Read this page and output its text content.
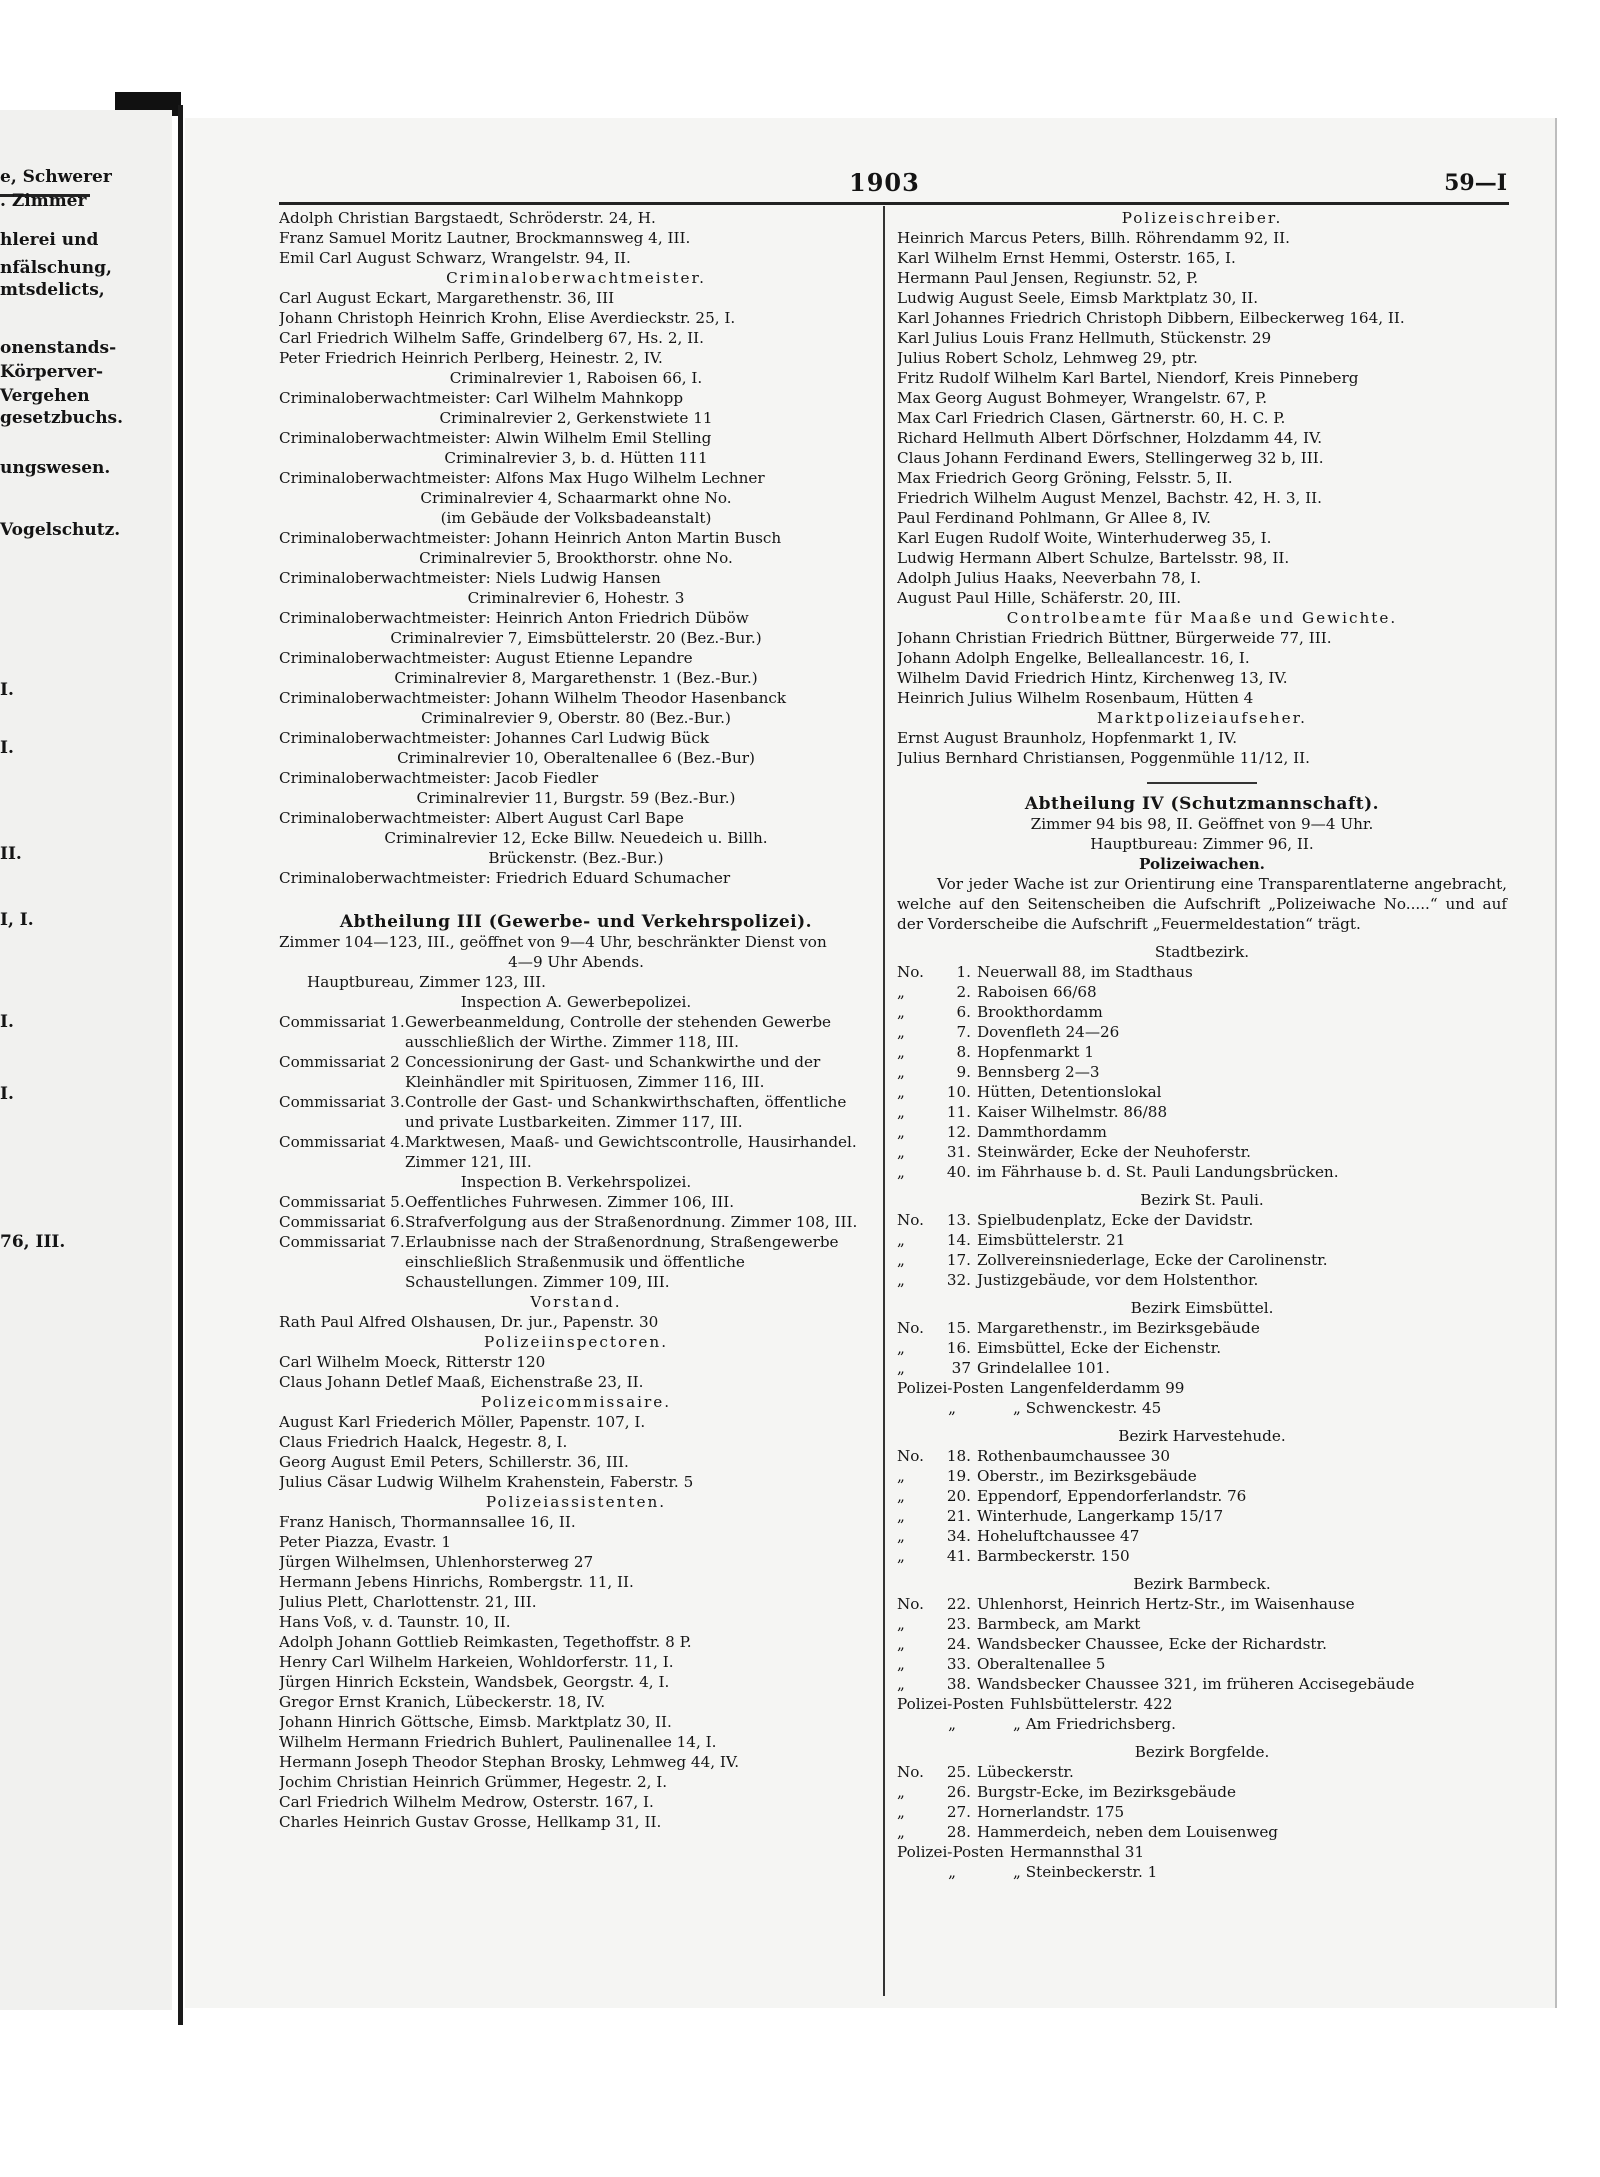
e, Schwerer
. Zimmer
hlerei und
nfälschung,
mtsdelicts,
onenstands-
Körperver-
Vergehen
gesetzbuchs.
ungswesen.
Vogelschutz.
I.
I.
II.
I, I.
I.
I.
76, III.
1903	59—I
Adolph Christian Bargstaedt, Schröderstr. 24, H.
Franz Samuel Moritz Lautner, Brockmannsweg 4, III.
Emil Carl August Schwarz, Wrangelstr. 94, II.
Criminaloberwachtmeister.
Carl August Eckart, Margarethenstr. 36, III
Johann Christoph Heinrich Krohn, Elise Averdieckstr. 25, I.
Carl Friedrich Wilhelm Saffe, Grindelberg 67, Hs. 2, II.
Peter Friedrich Heinrich Perlberg, Heinestr. 2, IV.
Criminalrevier 1, Raboisen 66, I.
Criminaloberwachtmeister: Carl Wilhelm Mahnkopp
Criminalrevier 2, Gerkenstwiete 11
Criminaloberwachtmeister: Alwin Wilhelm Emil Stelling
Criminalrevier 3, b. d. Hütten 111
Criminaloberwachtmeister: Alfons Max Hugo Wilhelm Lechner
Criminalrevier 4, Schaarmarkt ohne No.
(im Gebäude der Volksbadeanstalt)
Criminaloberwachtmeister: Johann Heinrich Anton Martin Busch
Criminalrevier 5, Brookthorstr. ohne No.
Criminaloberwachtmeister: Niels Ludwig Hansen
Criminalrevier 6, Hohestr. 3
Criminaloberwachtmeister: Heinrich Anton Friedrich Düböw
Criminalrevier 7, Eimsbüttelerstr. 20 (Bez.-Bur.)
Criminaloberwachtmeister: August Etienne Lepandre
Criminalrevier 8, Margarethenstr. 1 (Bez.-Bur.)
Criminaloberwachtmeister: Johann Wilhelm Theodor Hasenbanck
Criminalrevier 9, Oberstr. 80 (Bez.-Bur.)
Criminaloberwachtmeister: Johannes Carl Ludwig Bück
Criminalrevier 10, Oberaltenallee 6 (Bez.-Bur)
Criminaloberwachtmeister: Jacob Fiedler
Criminalrevier 11, Burgstr. 59 (Bez.-Bur.)
Criminaloberwachtmeister: Albert August Carl Bape
Criminalrevier 12, Ecke Billw. Neuedeich u. Billh.
Brückenstr. (Bez.-Bur.)
Criminaloberwachtmeister: Friedrich Eduard Schumacher
Abtheilung III (Gewerbe- und Verkehrspolizei).
Zimmer 104—123, III., geöffnet von 9—4 Uhr, beschränkter Dienst von
4—9 Uhr Abends.
Hauptbureau, Zimmer 123, III.
Inspection A. Gewerbepolizei.
Commissariat 1. Gewerbeanmeldung, Controlle der stehenden Gewerbe ausschließlich der Wirthe. Zimmer 118, III.
Commissariat 2 Concessionirung der Gast- und Schankwirthe und der Kleinhändler mit Spirituosen, Zimmer 116, III.
Commissariat 3. Controlle der Gast- und Schankwirthschaften, öffentliche und private Lustbarkeiten. Zimmer 117, III.
Commissariat 4. Marktwesen, Maaß- und Gewichtscontrolle, Hausirhandel. Zimmer 121, III.
Inspection B. Verkehrspolizei.
Commissariat 5. Oeffentliches Fuhrwesen. Zimmer 106, III.
Commissariat 6. Strafverfolgung aus der Straßenordnung. Zimmer 108, III.
Commissariat 7. Erlaubnisse nach der Straßenordnung, Straßengewerbe einschließlich Straßenmusik und öffentliche Schaustellungen. Zimmer 109, III.
Vorstand.
Rath Paul Alfred Olshausen, Dr. jur., Papenstr. 30
Polizeiinspectoren.
Carl Wilhelm Moeck, Ritterstr 120
Claus Johann Detlef Maaß, Eichenstraße 23, II.
Polizeicommissaire.
August Karl Friederich Möller, Papenstr. 107, I.
Claus Friedrich Haalck, Hegestr. 8, I.
Georg August Emil Peters, Schillerstr. 36, III.
Julius Cäsar Ludwig Wilhelm Krahenstein, Faberstr. 5
Polizeiassistenten.
Franz Hanisch, Thormannsallee 16, II.
Peter Piazza, Evastr. 1
Jürgen Wilhelmsen, Uhlenhorsterweg 27
Hermann Jebens Hinrichs, Rombergstr. 11, II.
Julius Plett, Charlottenstr. 21, III.
Hans Voß, v. d. Taunstr. 10, II.
Adolph Johann Gottlieb Reimkasten, Tegethoffstr. 8 P.
Henry Carl Wilhelm Harkeien, Wohldorferstr. 11, I.
Jürgen Hinrich Eckstein, Wandsbek, Georgstr. 4, I.
Gregor Ernst Kranich, Lübeckerstr. 18, IV.
Johann Hinrich Göttsche, Eimsb. Marktplatz 30, II.
Wilhelm Hermann Friedrich Buhlert, Paulinenallee 14, I.
Hermann Joseph Theodor Stephan Brosky, Lehmweg 44, IV.
Jochim Christian Heinrich Grümmer, Hegestr. 2, I.
Carl Friedrich Wilhelm Medrow, Osterstr. 167, I.
Charles Heinrich Gustav Grosse, Hellkamp 31, II.
Polizeischreiber.
Heinrich Marcus Peters, Billh. Röhrendamm 92, II.
Karl Wilhelm Ernst Hemmi, Osterstr. 165, I.
Hermann Paul Jensen, Regiunstr. 52, P.
Ludwig August Seele, Eimsb Marktplatz 30, II.
Karl Johannes Friedrich Christoph Dibbern, Eilbeckerweg 164, II.
Karl Julius Louis Franz Hellmuth, Stückenstr. 29
Julius Robert Scholz, Lehmweg 29, ptr.
Fritz Rudolf Wilhelm Karl Bartel, Niendorf, Kreis Pinneberg
Max Georg August Bohmeyer, Wrangelstr. 67, P.
Max Carl Friedrich Clasen, Gärtnerstr. 60, H. C. P.
Richard Hellmuth Albert Dörfschner, Holzdamm 44, IV.
Claus Johann Ferdinand Ewers, Stellingerweg 32 b, III.
Max Friedrich Georg Gröning, Felsstr. 5, II.
Friedrich Wilhelm August Menzel, Bachstr. 42, H. 3, II.
Paul Ferdinand Pohlmann, Gr Allee 8, IV.
Karl Eugen Rudolf Woite, Winterhuderweg 35, I.
Ludwig Hermann Albert Schulze, Bartelsstr. 98, II.
Adolph Julius Haaks, Neeverbahn 78, I.
August Paul Hille, Schäferstr. 20, III.
Controlbeamte für Maaße und Gewichte.
Johann Christian Friedrich Büttner, Bürgerweide 77, III.
Johann Adolph Engelke, Belleallancestr. 16, I.
Wilhelm David Friedrich Hintz, Kirchenweg 13, IV.
Heinrich Julius Wilhelm Rosenbaum, Hütten 4
Marktpolizeiaufseher.
Ernst August Braunholz, Hopfenmarkt 1, IV.
Julius Bernhard Christiansen, Poggenmühle 11/12, II.
Abtheilung IV (Schutzmannschaft).
Zimmer 94 bis 98, II. Geöffnet von 9—4 Uhr.
Hauptbureau: Zimmer 96, II.
Polizeiwachen.
Vor jeder Wache ist zur Orientirung eine Transparentlaterne angebracht, welche auf den Seitenscheiben die Aufschrift „Polizeiwache No.....“ und auf der Vorderscheibe die Aufschrift „Feuermeldestation“ trägt.
Stadtbezirk.
No.	1. Neuerwall 88, im Stadthaus
„	2. Raboisen 66/68
„	6. Brookthordamm
„	7. Dovenfleth 24—26
„	8. Hopfenmarkt 1
„	9. Bennsberg 2—3
„	10. Hütten, Detentionslokal
„	11. Kaiser Wilhelmstr. 86/88
„	12. Dammthordamm
„	31. Steinwärder, Ecke der Neuhoferstr.
„	40. im Fährhause b. d. St. Pauli Landungsbrücken.
Bezirk St. Pauli.
No.	13. Spielbudenplatz, Ecke der Davidstr.
„	14. Eimsbüttelerstr. 21
„	17. Zollvereinsniederlage, Ecke der Carolinenstr.
„	32. Justizgebäude, vor dem Holstenthor.
Bezirk Eimsbüttel.
No.	15. Margarethenstr., im Bezirksgebäude
„	16. Eimsbüttel, Ecke der Eichenstr.
„	37 Grindelallee 101.
Polizei-Posten Langenfelderdamm 99
„	„ Schwenckestr. 45
Bezirk Harvestehude.
No.	18. Rothenbaumchaussee 30
„	19. Oberstr., im Bezirksgebäude
„	20. Eppendorf, Eppendorferlandstr. 76
„	21. Winterhude, Langerkamp 15/17
„	34. Hoheluftchaussee 47
„	41. Barmbeckerstr. 150
Bezirk Barmbeck.
No.	22. Uhlenhorst, Heinrich Hertz-Str., im Waisenhause
„	23. Barmbeck, am Markt
„	24. Wandsbecker Chaussee, Ecke der Richardstr.
„	33. Oberaltenallee 5
„	38. Wandsbecker Chaussee 321, im früheren Accisegebäude
Polizei-Posten Fuhlsbüttelerstr. 422
„	„ Am Friedrichsberg.
Bezirk Borgfelde.
No.	25. Lübeckerstr.
„	26. Burgstr-Ecke, im Bezirksgebäude
„	27. Hornerlandstr. 175
„	28. Hammerdeich, neben dem Louisenweg
Polizei-Posten Hermannsthal 31
„	„ Steinbeckerstr. 1
